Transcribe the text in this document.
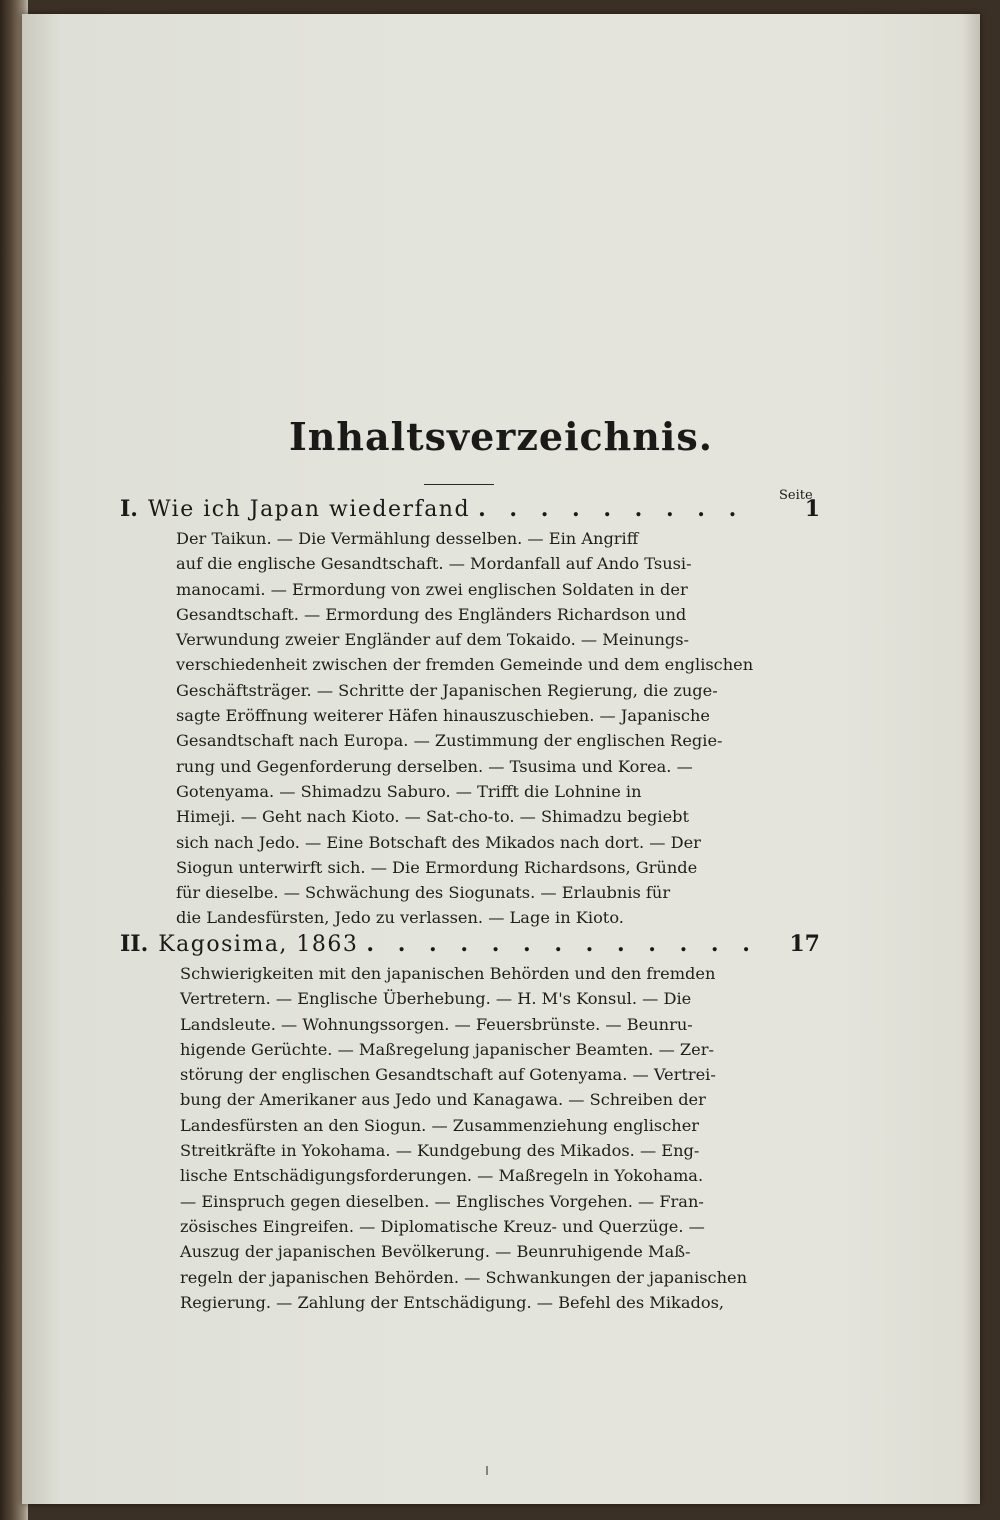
Inhaltsverzeichnis.
Seite
I. Wie ich Japan wiederfand . . . . . . . . .	1
Der Taikun. — Die Vermählung desselben. — Ein Angriff
auf die englische Gesandtschaft. — Mordanfall auf Ando Tsusi-
manocami. — Ermordung von zwei englischen Soldaten in der
Gesandtschaft. — Ermordung des Engländers Richardson und
Verwundung zweier Engländer auf dem Tokaido. — Meinungs-
verschiedenheit zwischen der fremden Gemeinde und dem englischen
Geschäftsträger. — Schritte der Japanischen Regierung, die zuge-
sagte Eröffnung weiterer Häfen hinauszuschieben. — Japanische
Gesandtschaft nach Europa. — Zustimmung der englischen Regie-
rung und Gegenforderung derselben. — Tsusima und Korea. —
Gotenyama. — Shimadzu Saburo. — Trifft die Lohnine in
Himeji. — Geht nach Kioto. — Sat-cho-to. — Shimadzu begiebt
sich nach Jedo. — Eine Botschaft des Mikados nach dort. — Der
Siogun unterwirft sich. — Die Ermordung Richardsons, Gründe
für dieselbe. — Schwächung des Siogunats. — Erlaubnis für
die Landesfürsten, Jedo zu verlassen. — Lage in Kioto.
II. Kagosima, 1863 . . . . . . . . . . . . .	17
Schwierigkeiten mit den japanischen Behörden und den fremden
Vertretern. — Englische Überhebung. — H. M's Konsul. — Die
Landsleute. — Wohnungssorgen. — Feuersbrünste. — Beunru-
higende Gerüchte. — Maßregelung japanischer Beamten. — Zer-
störung der englischen Gesandtschaft auf Gotenyama. — Vertrei-
bung der Amerikaner aus Jedo und Kanagawa. — Schreiben der
Landesfürsten an den Siogun. — Zusammenziehung englischer
Streitkräfte in Yokohama. — Kundgebung des Mikados. — Eng-
lische Entschädigungsforderungen. — Maßregeln in Yokohama.
— Einspruch gegen dieselben. — Englisches Vorgehen. — Fran-
zösisches Eingreifen. — Diplomatische Kreuz- und Querzüge. —
Auszug der japanischen Bevölkerung. — Beunruhigende Maß-
regeln der japanischen Behörden. — Schwankungen der japanischen
Regierung. — Zahlung der Entschädigung. — Befehl des Mikados,
